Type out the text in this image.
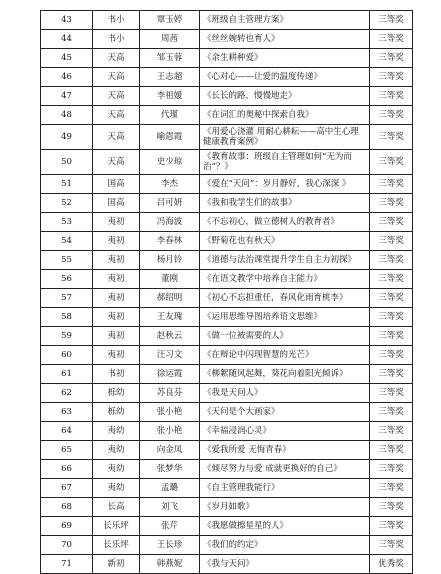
43	书小	覃玉婷	《班级自主管理方案》	三等奖
44	书小	周茜	《丝丝婉转也育人》	三等奖
45	天高	邹玉蓉	《余生耕种爱》	三等奖
46	天高	王志超	《心对心——让爱的温度传递》	三等奖
47	天高	李祖媛	《长长的路，慢慢地走》	三等奖
48	天高	代瑾	《在词汇的奥秘中探索自我》	三等奖
49	天高	喻恩霞	《用爱心浇灌 用耐心耕耘——高中生心理健康教育案例》	三等奖
50	天高	史少琼	《教育故事：班级自主管理如何“无为而治”？》	三等奖
51	国高	李杰	《爱在“天问”：岁月静好，我心深深 》	三等奖
52	国高	吕可妍	《我和我学生们的故事》	三等奖
53	夷初	冯海波	《不忘初心，做立德树人的教育者》	三等奖
54	夷初	李春林	《野菊花也有秋天》	三等奖
55	夷初	杨月铃	《道德与法治课堂提升学生自主力初探》	三等奖
56	夷初	董刚	《在语文教学中培养自主能力》	三等奖
57	夷初	郝绍明	《初心不忘担重任，春风化雨育桃李》	三等奖
58	夷初	王友瑰	《运用思维导图培养语文思维》	三等奖
59	夷初	赵秋云	《做一位被需要的人》	三等奖
60	夷初	汪习文	《在辩论中闪现智慧的光芒》	三等奖
61	书初	徐运霞	《柳絮随风起舞，葵花向着阳光倾诉》	三等奖
62	栎幼	苏良芬	《我是天问人》	三等奖
63	栎幼	张小艳	《天问是个大画家》	三等奖
64	夷幼	张小艳	《幸福浸润心灵》	三等奖
65	夷幼	向金凤	《爱我所爱 无悔青春》	三等奖
66	夷幼	张梦华	《倾尽努力与爱 成就更换好的自己》	三等奖
67	夷幼	孟璐	《自主管理我能行》	三等奖
68	长高	刘飞	《岁月如歌》	三等奖
69	长乐坪	张芹	《我愿做擦星星的人》	三等奖
70	长乐坪	王长珍	《我们的约定》	三等奖
71	新初	韩燕妮	《我与天问》	优秀奖
